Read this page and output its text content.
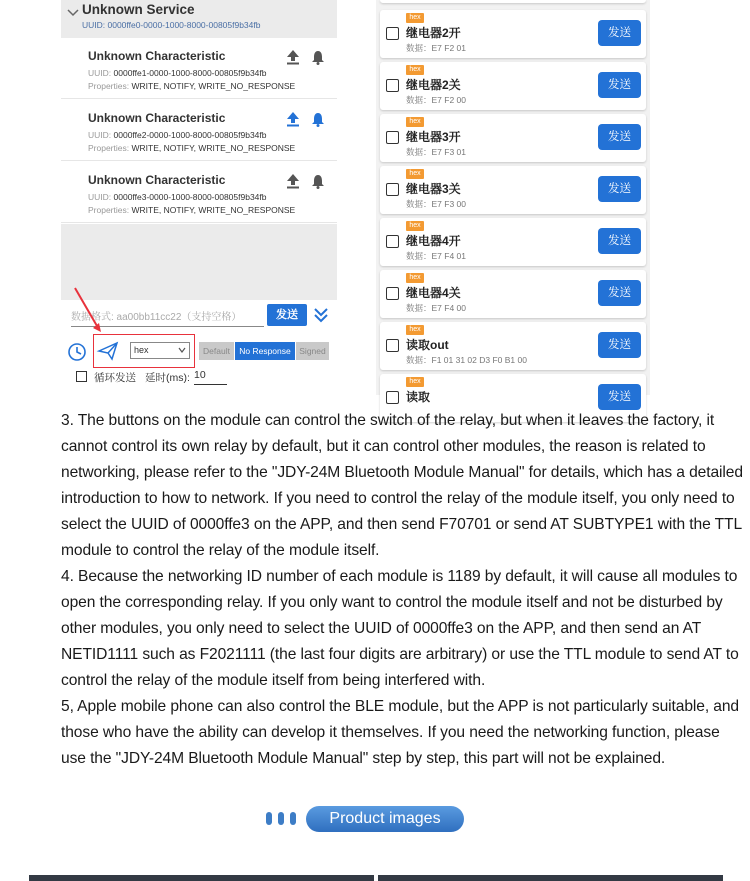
Unknown Service
UUID: 0000ffe0-0000-1000-8000-00805f9b34fb
Unknown Characteristic
UUID: 0000ffe1-0000-1000-8000-00805f9b34fb
Properties: WRITE, NOTIFY, WRITE_NO_RESPONSE
Unknown Characteristic
UUID: 0000ffe2-0000-1000-8000-00805f9b34fb
Properties: WRITE, NOTIFY, WRITE_NO_RESPONSE
Unknown Characteristic
UUID: 0000ffe3-0000-1000-8000-00805f9b34fb
Properties: WRITE, NOTIFY, WRITE_NO_RESPONSE
数据格式: aa00bb11cc22（支持空格）	发送
hex	Default	No Response	Signed
循环发送 延时(ms): 10
hex
继电器2开
数据：E7 F2 01
发送
hex
继电器2关
数据：E7 F2 00
发送
hex
继电器3开
数据：E7 F3 01
发送
hex
继电器3关
数据：E7 F3 00
发送
hex
继电器4开
数据：E7 F4 01
发送
hex
继电器4关
数据：E7 F4 00
发送
hex
读取out
数据：F1 01 31 02 D3 F0 B1 00
发送
hex
读取	发送

3. The buttons on the module can control the switch of the relay, but when it leaves the factory, it cannot control its own relay by default, but it can control other modules, the reason is related to networking, please refer to the "JDY-24M Bluetooth Module Manual" for details, which has a detailed introduction to how to network. If you need to control the relay of the module itself, you only need to select the UUID of 0000ffe3 on the APP, and then send F70701 or send AT SUBTYPE1 with the TTL module to control the relay of the module itself.

4. Because the networking ID number of each module is 1189 by default, it will cause all modules to open the corresponding relay. If you only want to control the module itself and not be disturbed by other modules, you only need to select the UUID of 0000ffe3 on the APP, and then send an AT NETID1111 such as F2021111 (the last four digits are arbitrary) or use the TTL module to send AT to control the relay of the module itself from being interfered with.

5, Apple mobile phone can also control the BLE module, but the APP is not particularly suitable, and those who have the ability can develop it themselves. If you need the networking function, please use the "JDY-24M Bluetooth Module Manual" step by step, this part will not be explained.

Product images
